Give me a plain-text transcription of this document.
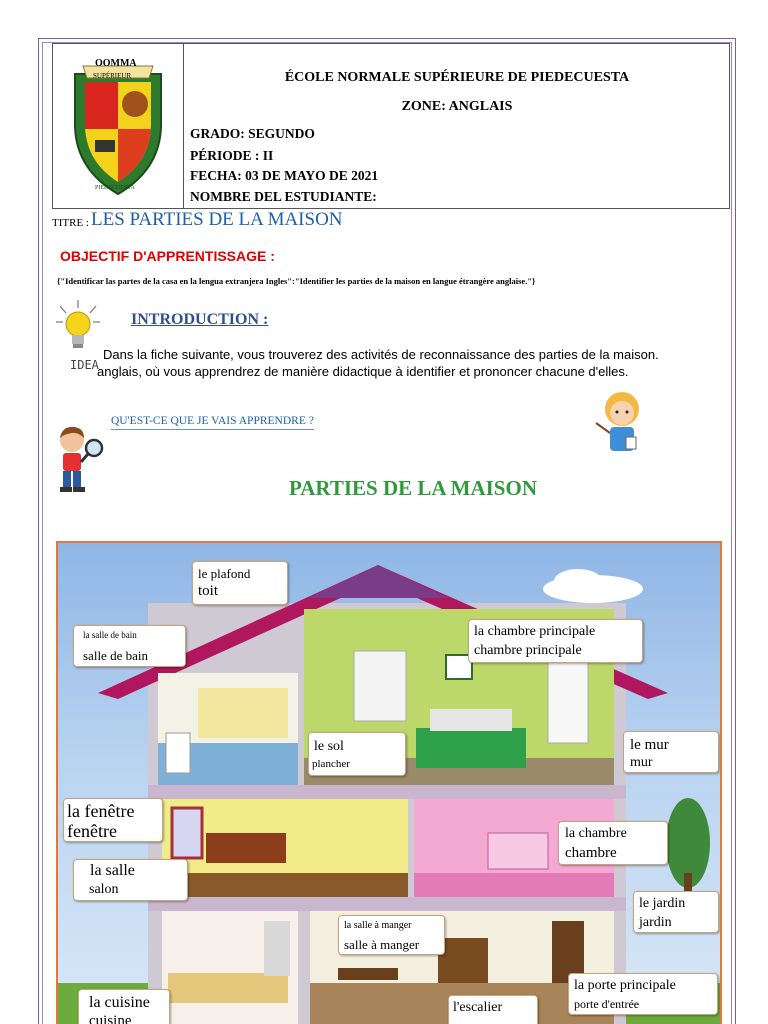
OOMMA
SUPÉRIEUR
PIEDECUESTA
ÉCOLE NORMALE SUPÉRIEURE DE PIEDECUESTA
ZONE: ANGLAIS
GRADO: SEGUNDO
PÉRIODE : II
FECHA: 03 DE MAYO DE 2021
NOMBRE DEL ESTUDIANTE:
TITRE : LES PARTIES DE LA MAISON
OBJECTIF D'APPRENTISSAGE :
{"Identificar las partes de la casa en la lengua extranjera Ingles":"Identifier les parties de la maison en langue étrangère anglaise."}
IDEA
INTRODUCTION :
Dans la fiche suivante, vous trouverez des activités de reconnaissance des parties de la maison.
anglais, où vous apprendrez de manière didactique à identifier et prononcer chacune d'elles.
QU'EST-CE QUE JE VAIS APPRENDRE ?
PARTIES DE LA MAISON
le plafond
toit
la salle de bain
salle de bain
la chambre principale
chambre principale
le sol
plancher
le mur
mur
la fenêtre
fenêtre
la salle
salon
la chambre
chambre
le jardin
jardin
la salle à manger
salle à manger
la porte principale
porte d'entrée
la cuisine
cuisine
l'escalier
